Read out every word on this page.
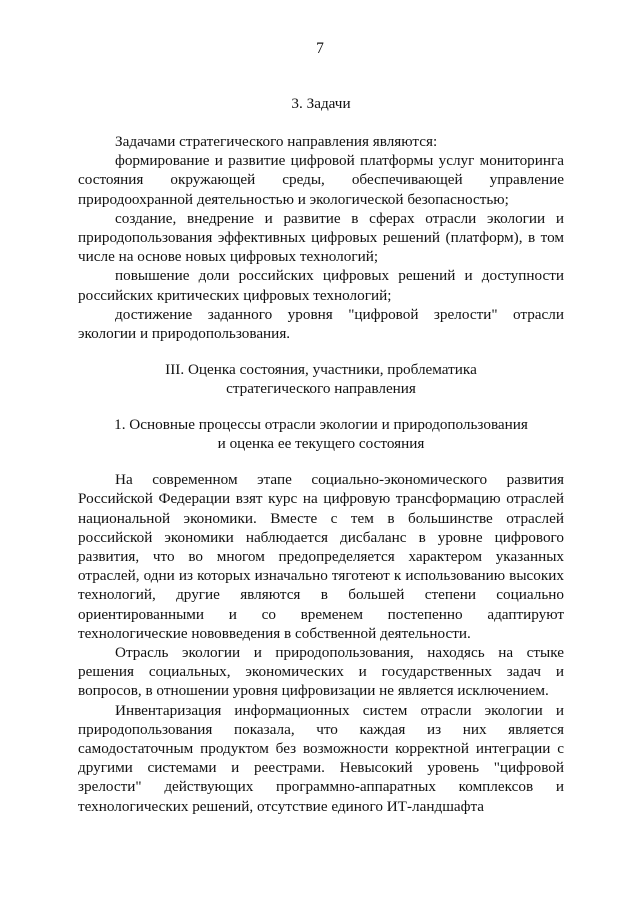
7
3. Задачи

Задачами стратегического направления являются:

формирование и развитие цифровой платформы услуг мониторинга состояния окружающей среды, обеспечивающей управление природоохранной деятельностью и экологической безопасностью;

создание, внедрение и развитие в сферах отрасли экологии и природопользования эффективных цифровых решений (платформ), в том числе на основе новых цифровых технологий;

повышение доли российских цифровых решений и доступности российских критических цифровых технологий;

достижение заданного уровня "цифровой зрелости" отрасли экологии и природопользования.

III. Оценка состояния, участники, проблематика
стратегического направления
1. Основные процессы отрасли экологии и природопользования
и оценка ее текущего состояния

На современном этапе социально-экономического развития Российской Федерации взят курс на цифровую трансформацию отраслей национальной экономики. Вместе с тем в большинстве отраслей российской экономики наблюдается дисбаланс в уровне цифрового развития, что во многом предопределяется характером указанных отраслей, одни из которых изначально тяготеют к использованию высоких технологий, другие являются в большей степени социально ориентированными и со временем постепенно адаптируют технологические нововведения в собственной деятельности.

Отрасль экологии и природопользования, находясь на стыке решения социальных, экономических и государственных задач и вопросов, в отношении уровня цифровизации не является исключением.

Инвентаризация информационных систем отрасли экологии и природопользования показала, что каждая из них является самодостаточным продуктом без возможности корректной интеграции с другими системами и реестрами. Невысокий уровень "цифровой зрелости" действующих программно-аппаратных комплексов и технологических решений, отсутствие единого ИТ-ландшафта
